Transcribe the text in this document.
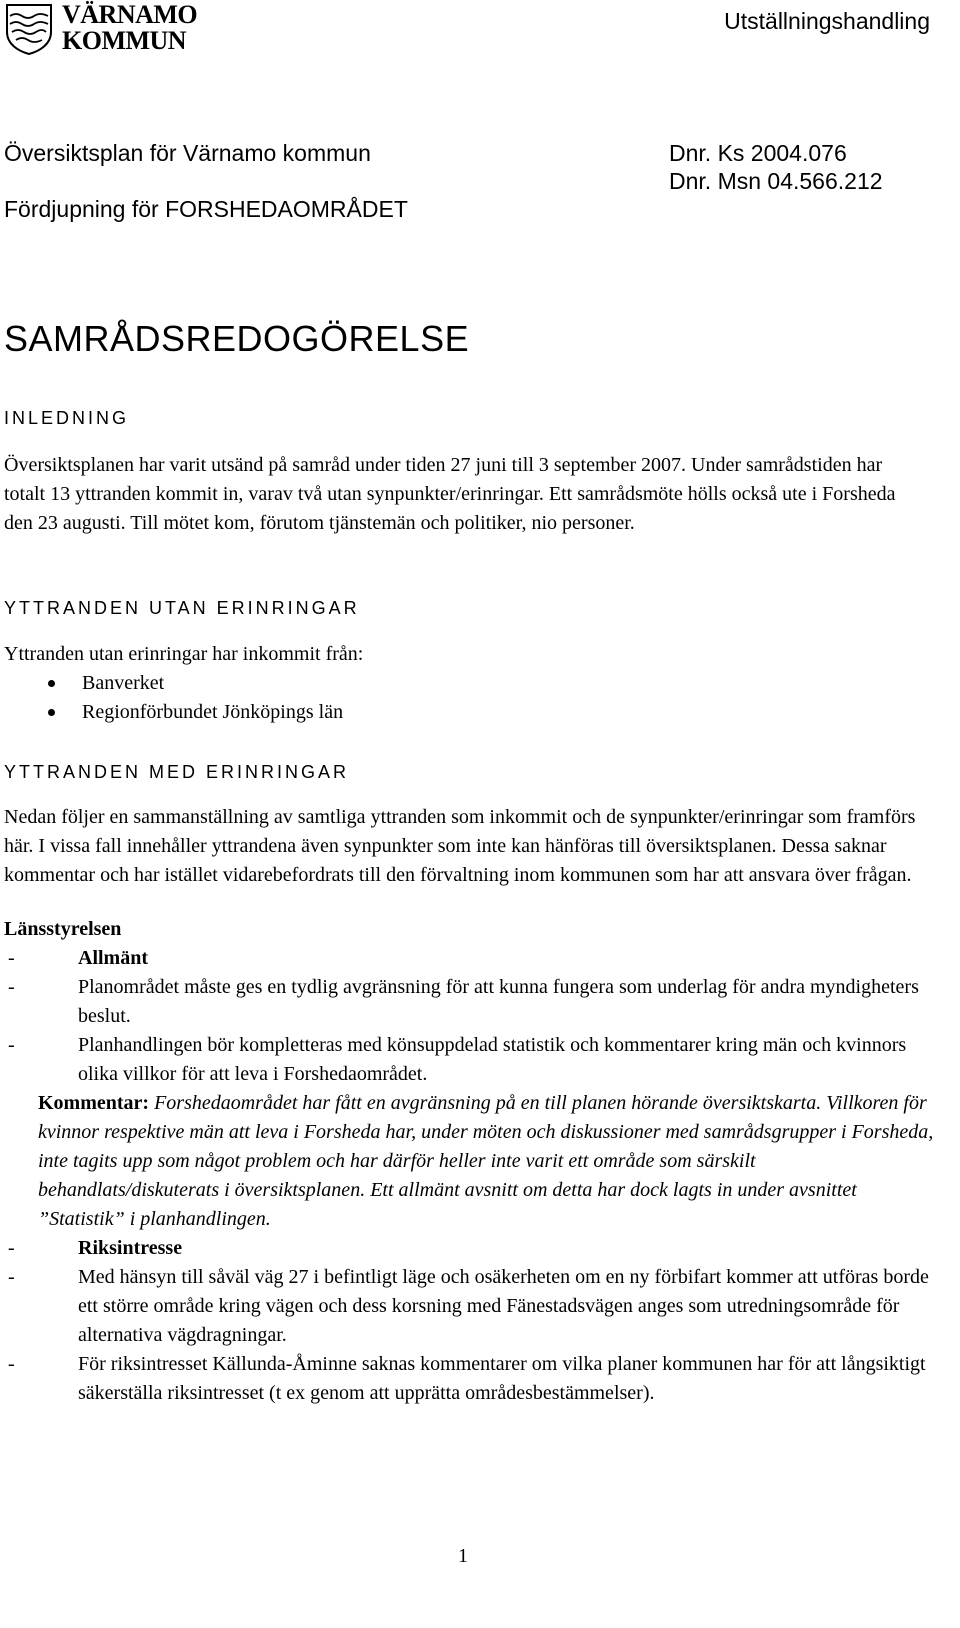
VÄRNAMO
KOMMUN
Utställningshandling
Översiktsplan för Värnamo kommun	Dnr. Ks 2004.076
Dnr. Msn 04.566.212
Fördjupning för FORSHEDAOMRÅDET
SAMRÅDSREDOGÖRELSE
INLEDNING
Översiktsplanen har varit utsänd på samråd under tiden 27 juni till 3 september 2007. Under samrådstiden har totalt 13 yttranden kommit in, varav två utan synpunkter/erinringar. Ett samrådsmöte hölls också ute i Forsheda den 23 augusti. Till mötet kom, förutom tjänstemän och politiker, nio personer.
YTTRANDEN UTAN ERINRINGAR
Yttranden utan erinringar har inkommit från:
Banverket
Regionförbundet Jönköpings län
YTTRANDEN MED ERINRINGAR
Nedan följer en sammanställning av samtliga yttranden som inkommit och de synpunkter/erinringar som framförs här. I vissa fall innehåller yttrandena även synpunkter som inte kan hänföras till översiktsplanen. Dessa saknar kommentar och har istället vidarebefordrats till den förvaltning inom kommunen som har att ansvara över frågan.
Länsstyrelsen
-	Allmänt
-	Planområdet måste ges en tydlig avgränsning för att kunna fungera som underlag för andra myndigheters beslut.
-	Planhandlingen bör kompletteras med könsuppdelad statistik och kommentarer kring män och kvinnors olika villkor för att leva i Forshedaområdet.
Kommentar: Forshedaområdet har fått en avgränsning på en till planen hörande översiktskarta. Villkoren för kvinnor respektive män att leva i Forsheda har, under möten och diskussioner med samrådsgrupper i Forsheda, inte tagits upp som något problem och har därför heller inte varit ett område som särskilt behandlats/diskuterats i översiktsplanen. Ett allmänt avsnitt om detta har dock lagts in under avsnittet ”Statistik” i planhandlingen.
-	Riksintresse
-	Med hänsyn till såväl väg 27 i befintligt läge och osäkerheten om en ny förbifart kommer att utföras borde ett större område kring vägen och dess korsning med Fänestadsvägen anges som utredningsområde för alternativa vägdragningar.
-	För riksintresset Källunda-Åminne saknas kommentarer om vilka planer kommunen har för att långsiktigt säkerställa riksintresset (t ex genom att upprätta områdesbestämmelser).
1
